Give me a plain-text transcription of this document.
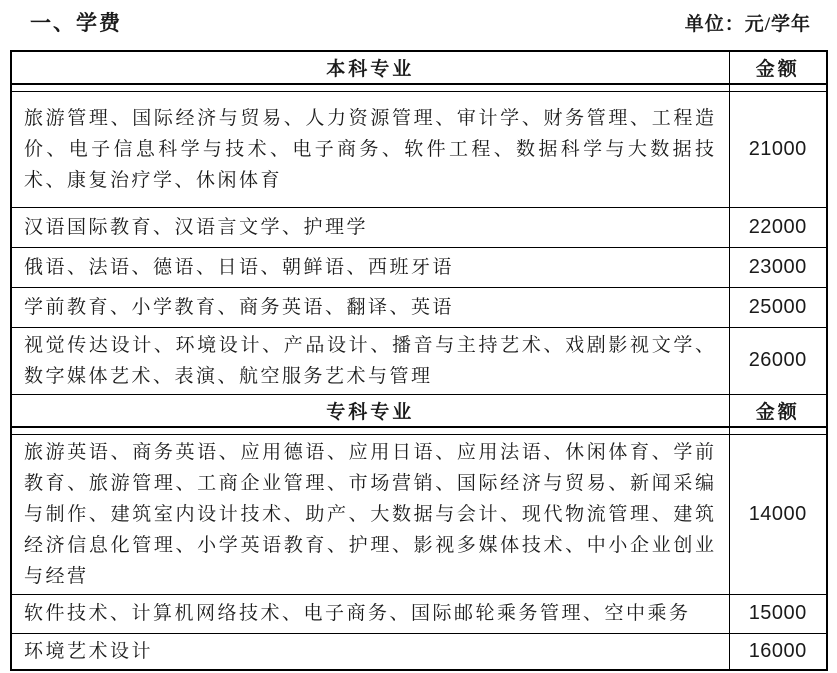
一、学费	单位：元/学年
本科专业	金额

旅游管理、国际经济与贸易、人力资源管理、审计学、财务管理、工程造价、电子信息科学与技术、电子商务、软件工程、数据科学与大数据技术、康复治疗学、休闲体育	21000
汉语国际教育、汉语言文学、护理学	22000
俄语、法语、德语、日语、朝鲜语、西班牙语	23000
学前教育、小学教育、商务英语、翻译、英语	25000
视觉传达设计、环境设计、产品设计、播音与主持艺术、戏剧影视文学、数字媒体艺术、表演、航空服务艺术与管理	26000
专科专业	金额

旅游英语、商务英语、应用德语、应用日语、应用法语、休闲体育、学前教育、旅游管理、工商企业管理、市场营销、国际经济与贸易、新闻采编与制作、建筑室内设计技术、助产、大数据与会计、现代物流管理、建筑经济信息化管理、小学英语教育、护理、影视多媒体技术、中小企业创业与经营	14000
软件技术、计算机网络技术、电子商务、国际邮轮乘务管理、空中乘务	15000
环境艺术设计	16000
